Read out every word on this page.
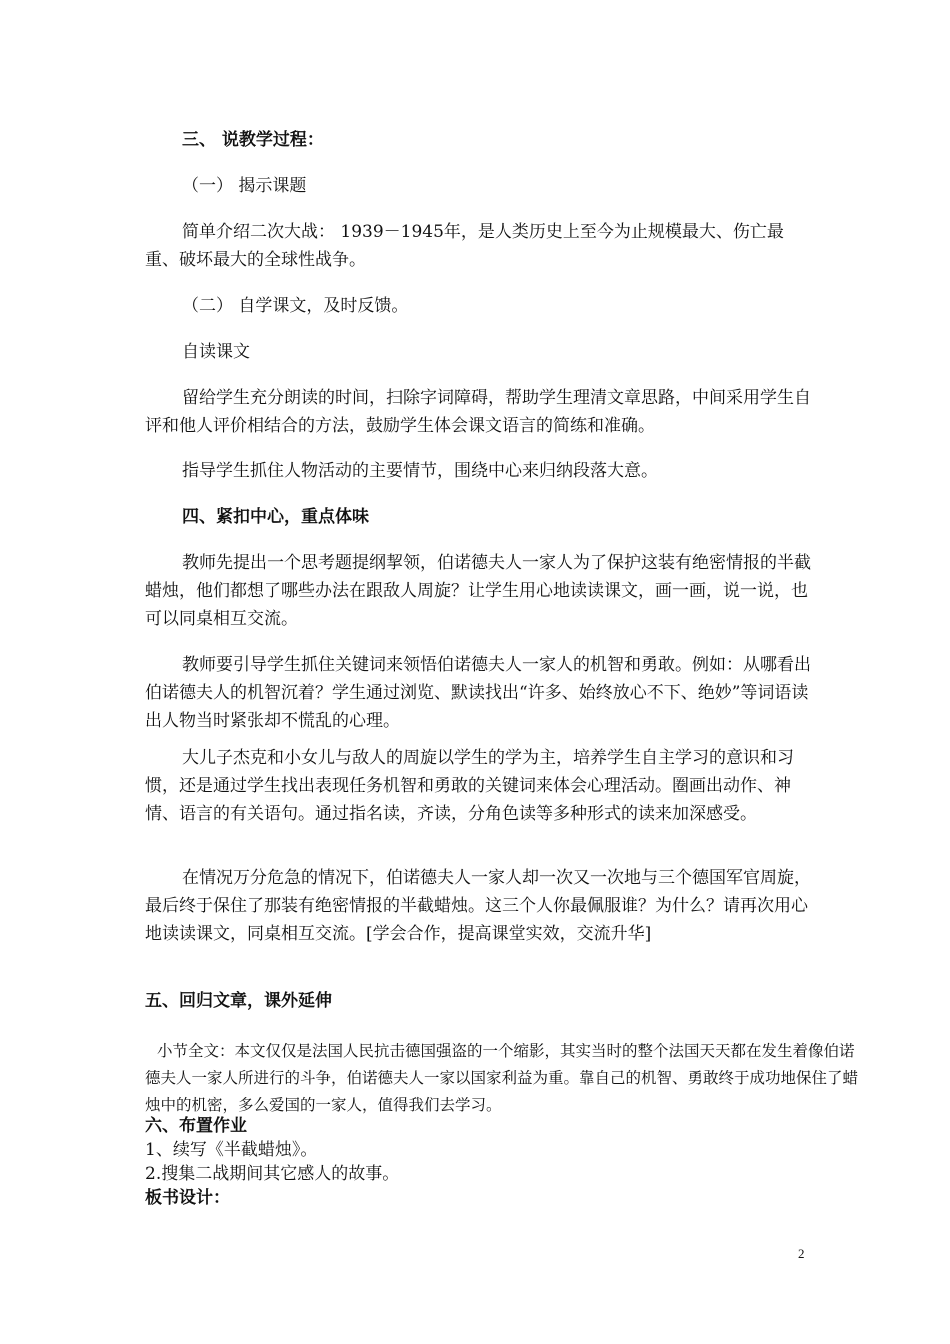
三、 说教学过程：

（一） 揭示课题

简单介绍二次大战： 1939－1945年，是人类历史上至今为止规模最大、伤亡最重、破坏最大的全球性战争。

（二） 自学课文，及时反馈。

自读课文

留给学生充分朗读的时间，扫除字词障碍，帮助学生理清文章思路，中间采用学生自评和他人评价相结合的方法，鼓励学生体会课文语言的简练和准确。

指导学生抓住人物活动的主要情节，围绕中心来归纳段落大意。

四、紧扣中心，重点体味

教师先提出一个思考题提纲挈领，伯诺德夫人一家人为了保护这装有绝密情报的半截蜡烛，他们都想了哪些办法在跟敌人周旋？让学生用心地读读课文，画一画，说一说，也可以同桌相互交流。

教师要引导学生抓住关键词来领悟伯诺德夫人一家人的机智和勇敢。例如：从哪看出伯诺德夫人的机智沉着？学生通过浏览、默读找出“许多、始终放心不下、绝妙”等词语读出人物当时紧张却不慌乱的心理。

大儿子杰克和小女儿与敌人的周旋以学生的学为主，培养学生自主学习的意识和习惯，还是通过学生找出表现任务机智和勇敢的关键词来体会心理活动。圈画出动作、神情、语言的有关语句。通过指名读，齐读，分角色读等多种形式的读来加深感受。

在情况万分危急的情况下，伯诺德夫人一家人却一次又一次地与三个德国军官周旋，最后终于保住了那装有绝密情报的半截蜡烛。这三个人你最佩服谁？为什么？请再次用心地读读课文，同桌相互交流。[学会合作，提高课堂实效，交流升华]

五、回归文章，课外延伸

小节全文：本文仅仅是法国人民抗击德国强盗的一个缩影，其实当时的整个法国天天都在发生着像伯诺德夫人一家人所进行的斗争，伯诺德夫人一家以国家利益为重。靠自己的机智、勇敢终于成功地保住了蜡烛中的机密，多么爱国的一家人，值得我们去学习。

六、布置作业

1、续写《半截蜡烛》。

2.搜集二战期间其它感人的故事。

板书设计：

2
